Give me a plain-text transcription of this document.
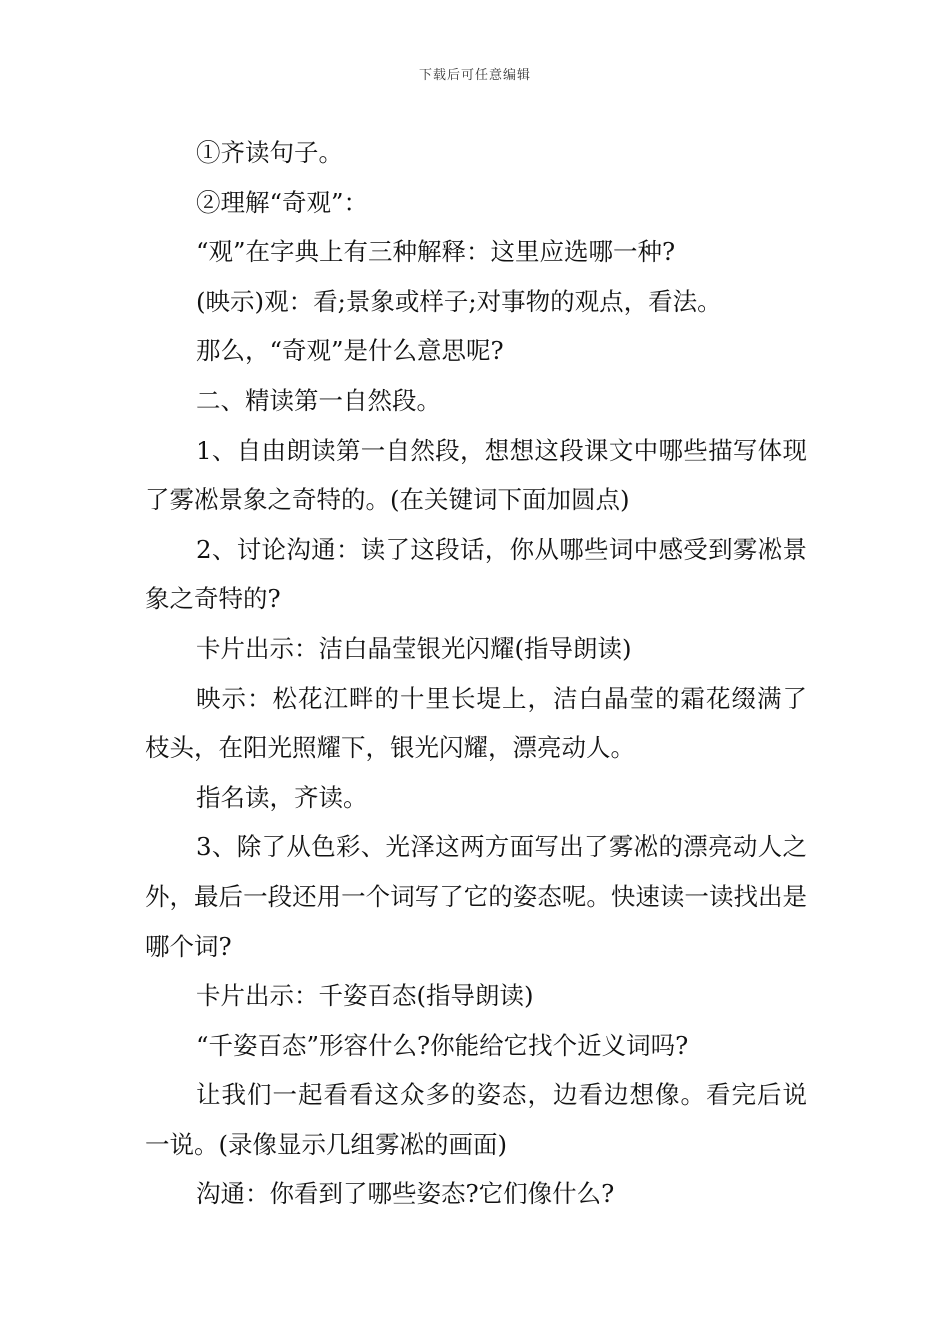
下载后可任意编辑

①齐读句子。

②理解“奇观”：

“观”在字典上有三种解释：这里应选哪一种?

(映示)观：看;景象或样子;对事物的观点，看法。

那么，“奇观”是什么意思呢?

二、精读第一自然段。

1、自由朗读第一自然段，想想这段课文中哪些描写体现了雾凇景象之奇特的。(在关键词下面加圆点)

2、讨论沟通：读了这段话，你从哪些词中感受到雾凇景象之奇特的?

卡片出示：洁白晶莹银光闪耀(指导朗读)

映示：松花江畔的十里长堤上，洁白晶莹的霜花缀满了枝头，在阳光照耀下，银光闪耀，漂亮动人。

指名读，齐读。

3、除了从色彩、光泽这两方面写出了雾凇的漂亮动人之外，最后一段还用一个词写了它的姿态呢。快速读一读找出是哪个词?

卡片出示：千姿百态(指导朗读)

“千姿百态”形容什么?你能给它找个近义词吗?

让我们一起看看这众多的姿态，边看边想像。看完后说一说。(录像显示几组雾凇的画面)

沟通：你看到了哪些姿态?它们像什么?
